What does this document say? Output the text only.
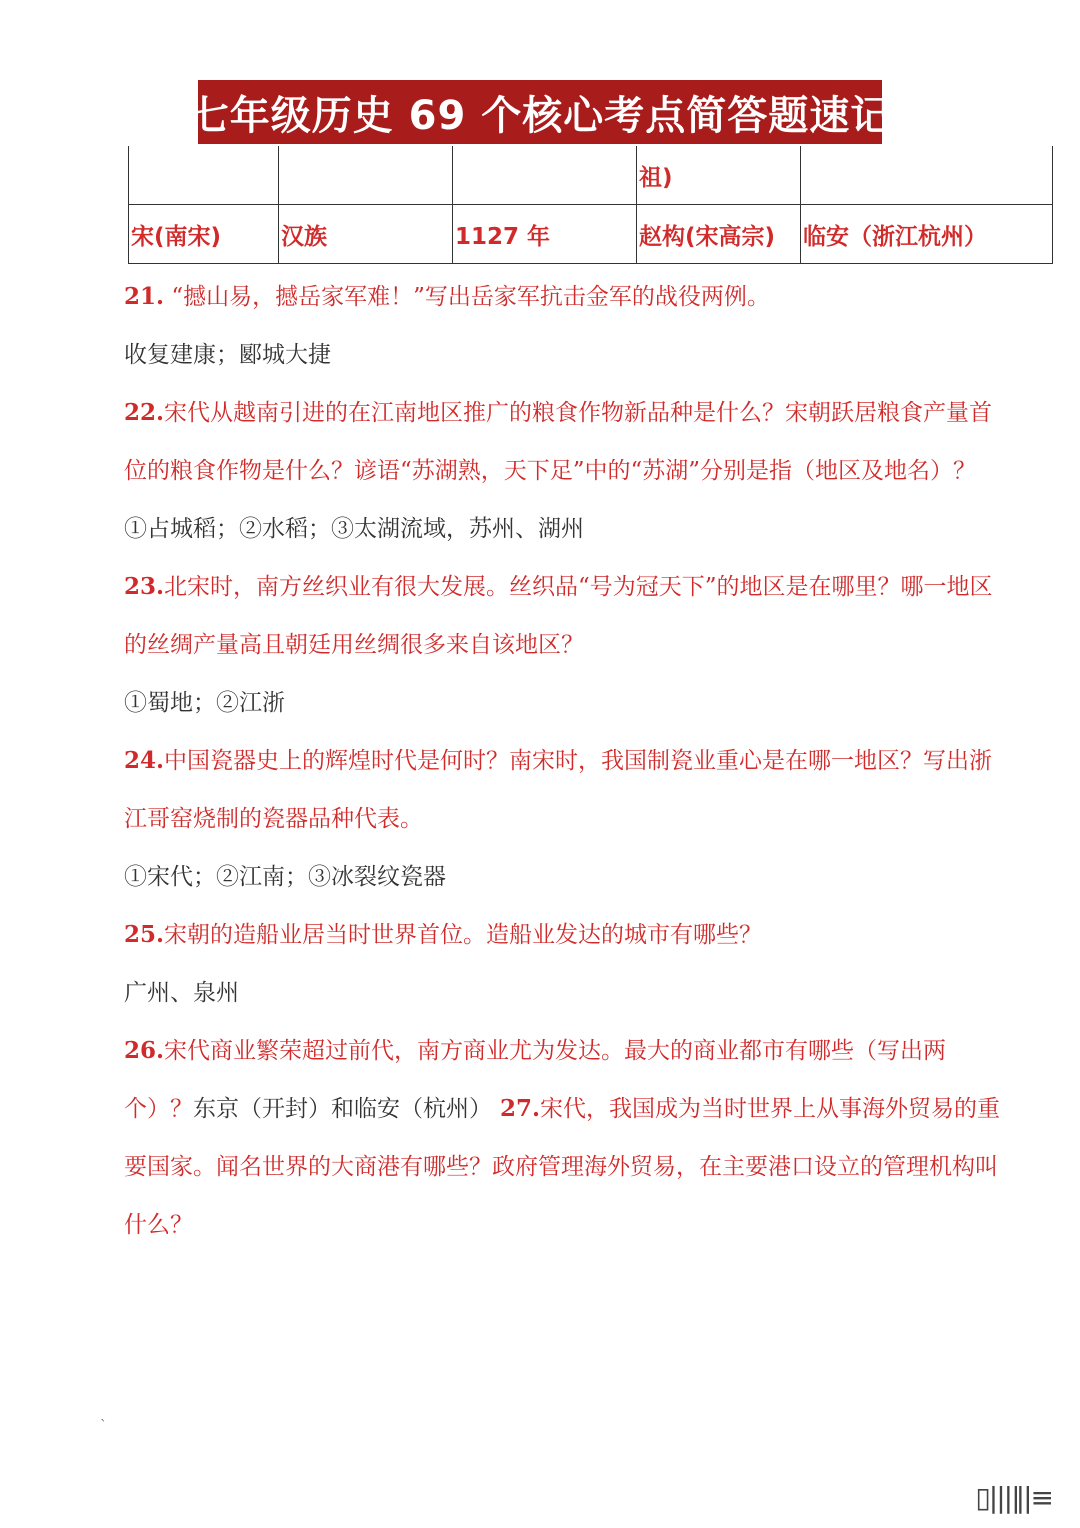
七年级历史 69 个核心考点简答题速记
			祖)	
宋(南宋)	汉族	1127 年	赵构(宋高宗)	临安（浙江杭州）

21. “撼山易，撼岳家军难！”写出岳家军抗击金军的战役两例。

收复建康；郾城大捷

22.宋代从越南引进的在江南地区推广的粮食作物新品种是什么？宋朝跃居粮食产量首位的粮食作物是什么？谚语“苏湖熟，天下足”中的“苏湖”分别是指（地区及地名）？

①占城稻；②水稻；③太湖流域，苏州、湖州

23.北宋时，南方丝织业有很大发展。丝织品“号为冠天下”的地区是在哪里？哪一地区的丝绸产量高且朝廷用丝绸很多来自该地区？

①蜀地；②江浙

24.中国瓷器史上的辉煌时代是何时？南宋时，我国制瓷业重心是在哪一地区？写出浙江哥窑烧制的瓷器品种代表。

①宋代；②江南；③冰裂纹瓷器

25.宋朝的造船业居当时世界首位。造船业发达的城市有哪些？

广州、泉州

26.宋代商业繁荣超过前代，南方商业尤为发达。最大的商业都市有哪些（写出两个）？东京（开封）和临安（杭州） 27.宋代，我国成为当时世界上从事海外贸易的重要国家。闻名世界的大商港有哪些？政府管理海外贸易，在主要港口设立的管理机构叫什么？

`
▯|||‖|≡
